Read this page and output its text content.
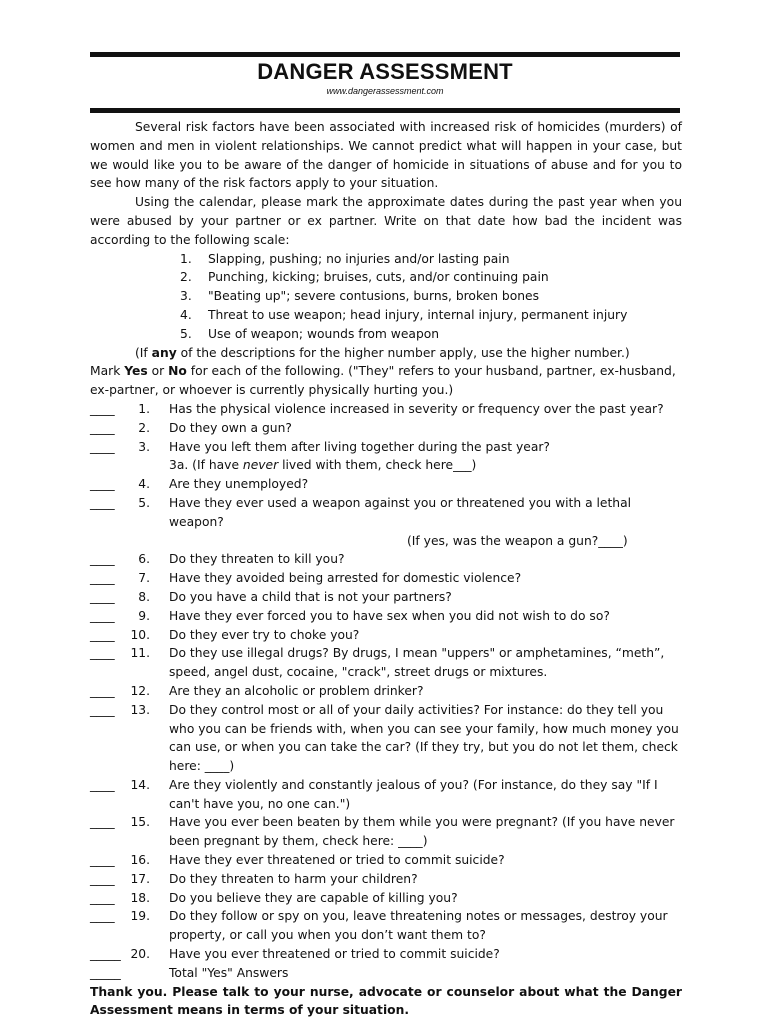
DANGER ASSESSMENT
www.dangerassessment.com

Several risk factors have been associated with increased risk of homicides (murders) of women and men in violent relationships. We cannot predict what will happen in your case, but we would like you to be aware of the danger of homicide in situations of abuse and for you to see how many of the risk factors apply to your situation.

Using the calendar, please mark the approximate dates during the past year when you were abused by your partner or ex partner. Write on that date how bad the incident was according to the following scale:

1. Slapping, pushing; no injuries and/or lasting pain
2. Punching, kicking; bruises, cuts, and/or continuing pain
3. "Beating up"; severe contusions, burns, broken bones
4. Threat to use weapon; head injury, internal injury, permanent injury
5. Use of weapon; wounds from weapon

(If any of the descriptions for the higher number apply, use the higher number.)

Mark Yes or No for each of the following. ("They" refers to your husband, partner, ex-husband, ex-partner, or whoever is currently physically hurting you.)

____	1. Has the physical violence increased in severity or frequency over the past year?
____	2. Do they own a gun?
____	3. Have you left them after living together during the past year?
3a. (If have never lived with them, check here___)
____	4. Are they unemployed?
____	5. Have they ever used a weapon against you or threatened you with a lethal weapon?
(If yes, was the weapon a gun?____)
____	6. Do they threaten to kill you?
____	7. Have they avoided being arrested for domestic violence?
____	8. Do you have a child that is not your partners?
____	9. Have they ever forced you to have sex when you did not wish to do so?
____	10. Do they ever try to choke you?
____	11. Do they use illegal drugs? By drugs, I mean "uppers" or amphetamines, “meth”, speed, angel dust, cocaine, "crack", street drugs or mixtures.
____	12. Are they an alcoholic or problem drinker?
____	13. Do they control most or all of your daily activities? For instance: do they tell you who you can be friends with, when you can see your family, how much money you can use, or when you can take the car? (If they try, but you do not let them, check here: ____)
____	14. Are they violently and constantly jealous of you? (For instance, do they say "If I can't have you, no one can.")
____	15. Have you ever been beaten by them while you were pregnant? (If you have never been pregnant by them, check here: ____)
____	16. Have they ever threatened or tried to commit suicide?
____	17. Do they threaten to harm your children?
____	18. Do you believe they are capable of killing you?
____	19. Do they follow or spy on you, leave threatening notes or messages, destroy your property, or call you when you don’t want them to?
_____ 20. Have you ever threatened or tried to commit suicide?
_____	Total "Yes" Answers

Thank you. Please talk to your nurse, advocate or counselor about what the Danger Assessment means in terms of your situation.
